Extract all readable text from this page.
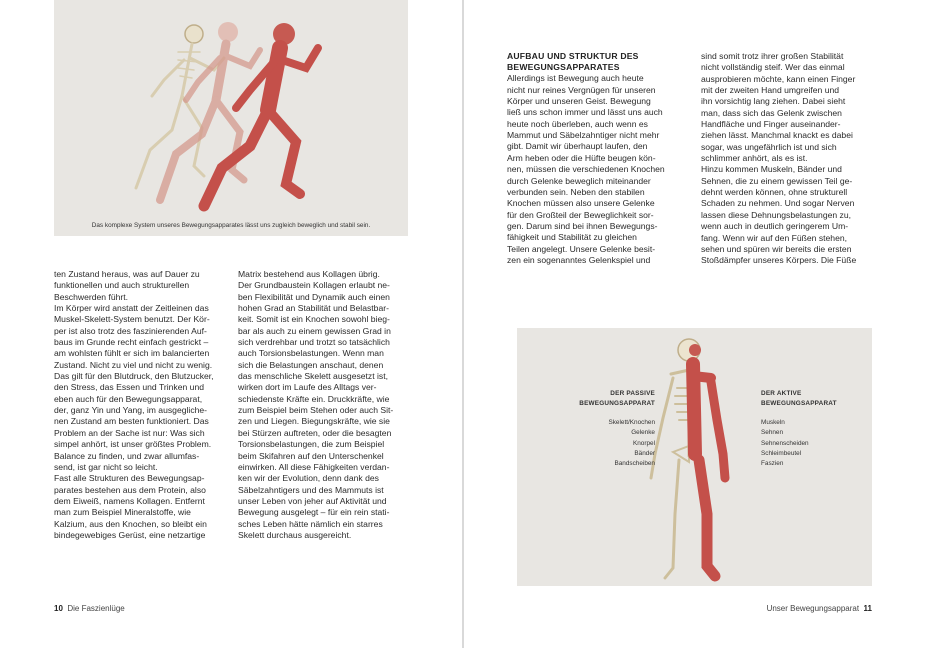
Das komplexe System unseres Bewegungsapparates lässt uns zugleich beweglich und stabil sein.

ten Zustand heraus, was auf Dauer zu

funktionellen und auch strukturellen

Beschwerden führt.

Im Körper wird anstatt der Zeitleinen das

Muskel-Skelett-System benutzt. Der Kör-

per ist also trotz des faszinierenden Auf-

baus im Grunde recht einfach gestrickt –

am wohlsten fühlt er sich im balancierten

Zustand. Nicht zu viel und nicht zu wenig.

Das gilt für den Blutdruck, den Blutzucker,

den Stress, das Essen und Trinken und

eben auch für den Bewegungsapparat,

der, ganz Yin und Yang, im ausgegliche-

nen Zustand am besten funktioniert. Das

Problem an der Sache ist nur: Was sich

simpel anhört, ist unser größtes Problem.

Balance zu finden, und zwar allumfas-

send, ist gar nicht so leicht.

Fast alle Strukturen des Bewegungsap-

parates bestehen aus dem Protein, also

dem Eiweiß, namens Kollagen. Entfernt

man zum Beispiel Mineralstoffe, wie

Kalzium, aus den Knochen, so bleibt ein

bindegewebiges Gerüst, eine netzartige

Matrix bestehend aus Kollagen übrig.

Der Grundbaustein Kollagen erlaubt ne-

ben Flexibilität und Dynamik auch einen

hohen Grad an Stabilität und Belastbar-

keit. Somit ist ein Knochen sowohl bieg-

bar als auch zu einem gewissen Grad in

sich verdrehbar und trotzt so tatsächlich

auch Torsionsbelastungen. Wenn man

sich die Belastungen anschaut, denen

das menschliche Skelett ausgesetzt ist,

wirken dort im Laufe des Alltags ver-

schiedenste Kräfte ein. Druckkräfte, wie

zum Beispiel beim Stehen oder auch Sit-

zen und Liegen. Biegungskräfte, wie sie

bei Stürzen auftreten, oder die besagten

Torsionsbelastungen, die zum Beispiel

beim Skifahren auf den Unterschenkel

einwirken. All diese Fähigkeiten verdan-

ken wir der Evolution, denn dank des

Säbelzahntigers und des Mammuts ist

unser Leben von jeher auf Aktivität und

Bewegung ausgelegt – für ein rein stati-

sches Leben hätte nämlich ein starres

Skelett durchaus ausgereicht.

10 Die Faszienlüge

AUFBAU UND STRUKTUR DES

BEWEGUNGSAPPARATES

Allerdings ist Bewegung auch heute

nicht nur reines Vergnügen für unseren

Körper und unseren Geist. Bewegung

ließ uns schon immer und lässt uns auch

heute noch überleben, auch wenn es

Mammut und Säbelzahntiger nicht mehr

gibt. Damit wir überhaupt laufen, den

Arm heben oder die Hüfte beugen kön-

nen, müssen die verschiedenen Knochen

durch Gelenke beweglich miteinander

verbunden sein. Neben den stabilen

Knochen müssen also unsere Gelenke

für den Großteil der Beweglichkeit sor-

gen. Darum sind bei ihnen Bewegungs-

fähigkeit und Stabilität zu gleichen

Teilen angelegt. Unsere Gelenke besit-

zen ein sogenanntes Gelenkspiel und

sind somit trotz ihrer großen Stabilität

nicht vollständig steif. Wer das einmal

ausprobieren möchte, kann einen Finger

mit der zweiten Hand umgreifen und

ihn vorsichtig lang ziehen. Dabei sieht

man, dass sich das Gelenk zwischen

Handfläche und Finger auseinander-

ziehen lässt. Manchmal knackt es dabei

sogar, was ungefährlich ist und sich

schlimmer anhört, als es ist.

Hinzu kommen Muskeln, Bänder und

Sehnen, die zu einem gewissen Teil ge-

dehnt werden können, ohne strukturell

Schaden zu nehmen. Und sogar Nerven

lassen diese Dehnungsbelastungen zu,

wenn auch in deutlich geringerem Um-

fang. Wenn wir auf den Füßen stehen,

sehen und spüren wir bereits die ersten

Stoßdämpfer unseres Körpers. Die Füße

DER PASSIVE
BEWEGUNGSAPPARAT
Skelett/Knochen
Gelenke
Knorpel
Bänder
Bandscheiben
DER AKTIVE
BEWEGUNGSAPPARAT
Muskeln
Sehnen
Sehnenscheiden
Schleimbeutel
Faszien
Unser Bewegungsapparat 11
